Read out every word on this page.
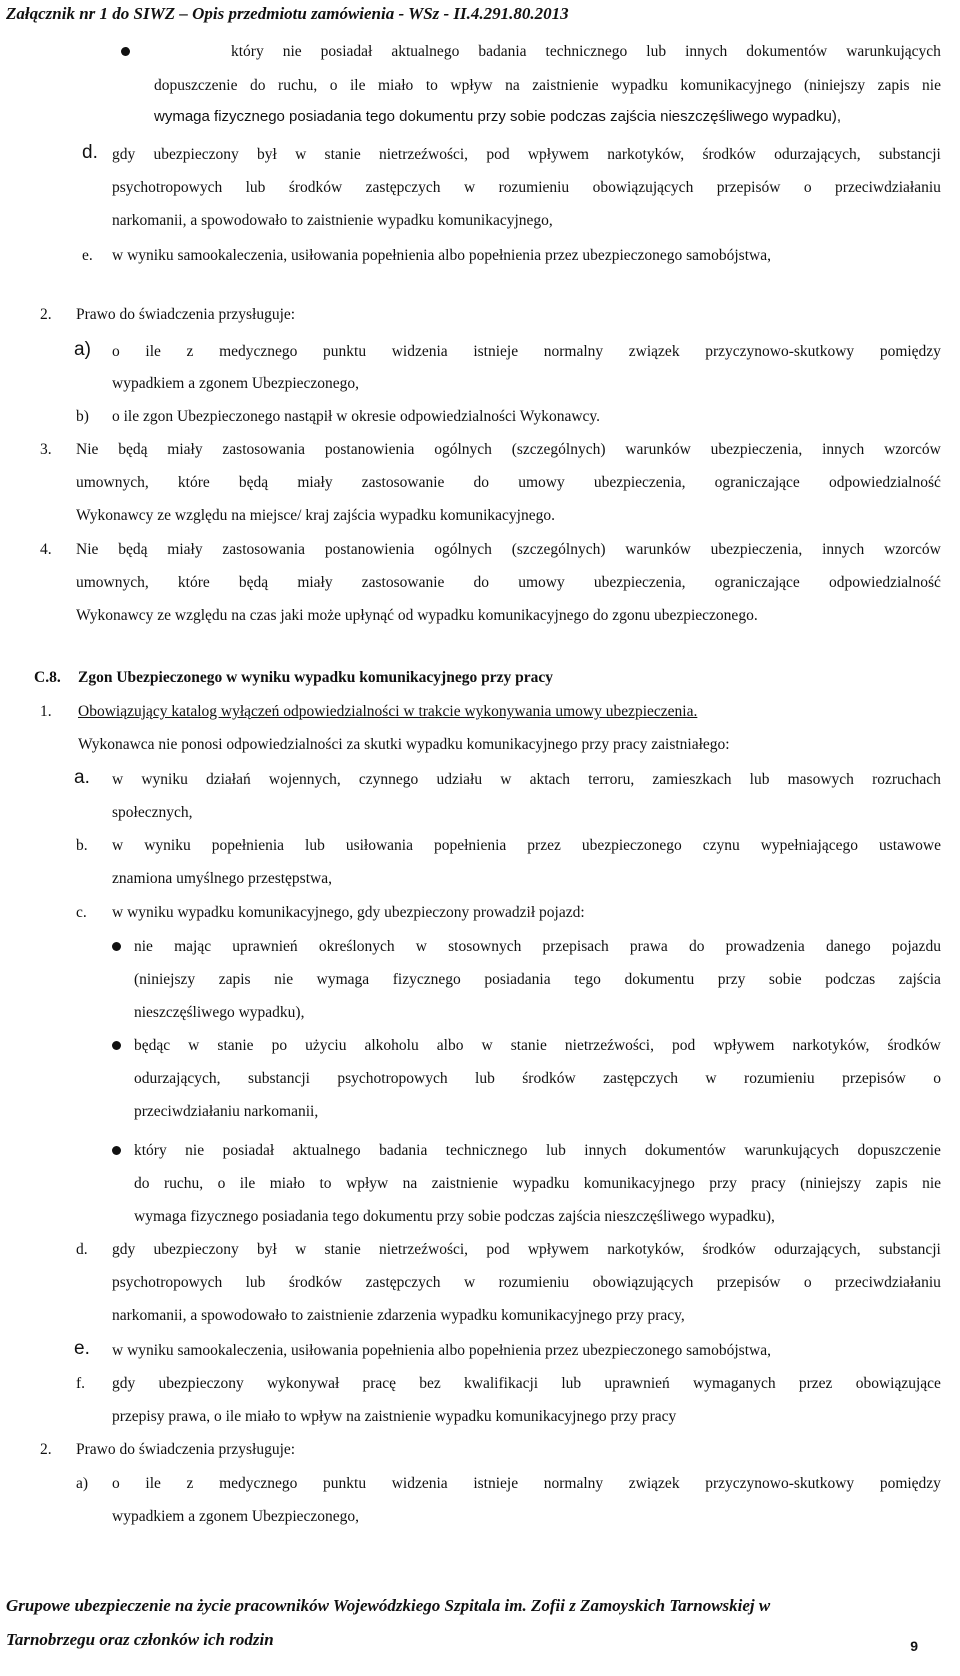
Załącznik nr 1 do SIWZ – Opis przedmiotu zamówienia - WSz - II.4.291.80.2013
który nie posiadał aktualnego badania technicznego lub innych dokumentów warunkujących
dopuszczenie do ruchu, o ile miało to wpływ na zaistnienie wypadku komunikacyjnego (niniejszy zapis nie
wymaga fizycznego posiadania tego dokumentu przy sobie podczas zajścia nieszczęśliwego wypadku),
d. gdy ubezpieczony był w stanie nietrzeźwości, pod wpływem narkotyków, środków odurzających, substancji
psychotropowych lub środków zastępczych w rozumieniu obowiązujących przepisów o przeciwdziałaniu
narkomanii, a spowodowało to zaistnienie wypadku komunikacyjnego,
e. w wyniku samookaleczenia, usiłowania popełnienia albo popełnienia przez ubezpieczonego samobójstwa,
2. Prawo do świadczenia przysługuje:
a) o ile z medycznego punktu widzenia istnieje normalny związek przyczynowo-skutkowy pomiędzy
wypadkiem a zgonem Ubezpieczonego,
b) o ile zgon Ubezpieczonego nastąpił w okresie odpowiedzialności Wykonawcy.
3. Nie będą miały zastosowania postanowienia ogólnych (szczególnych) warunków ubezpieczenia, innych wzorców
umownych, które będą miały zastosowanie do umowy ubezpieczenia, ograniczające odpowiedzialność
Wykonawcy ze względu na miejsce/ kraj zajścia wypadku komunikacyjnego.
4. Nie będą miały zastosowania postanowienia ogólnych (szczególnych) warunków ubezpieczenia, innych wzorców
umownych, które będą miały zastosowanie do umowy ubezpieczenia, ograniczające odpowiedzialność
Wykonawcy ze względu na czas jaki może upłynąć od wypadku komunikacyjnego do zgonu ubezpieczonego.
C.8. Zgon Ubezpieczonego w wyniku wypadku komunikacyjnego przy pracy
1. Obowiązujący katalog wyłączeń odpowiedzialności w trakcie wykonywania umowy ubezpieczenia.
Wykonawca nie ponosi odpowiedzialności za skutki wypadku komunikacyjnego przy pracy zaistniałego:
a. w wyniku działań wojennych, czynnego udziału w aktach terroru, zamieszkach lub masowych rozruchach
społecznych,
b. w wyniku popełnienia lub usiłowania popełnienia przez ubezpieczonego czynu wypełniającego ustawowe
znamiona umyślnego przestępstwa,
c. w wyniku wypadku komunikacyjnego, gdy ubezpieczony prowadził pojazd:
nie mając uprawnień określonych w stosownych przepisach prawa do prowadzenia danego pojazdu
(niniejszy zapis nie wymaga fizycznego posiadania tego dokumentu przy sobie podczas zajścia
nieszczęśliwego wypadku),
będąc w stanie po użyciu alkoholu albo w stanie nietrzeźwości, pod wpływem narkotyków, środków
odurzających, substancji psychotropowych lub środków zastępczych w rozumieniu przepisów o
przeciwdziałaniu narkomanii,
który nie posiadał aktualnego badania technicznego lub innych dokumentów warunkujących dopuszczenie
do ruchu, o ile miało to wpływ na zaistnienie wypadku komunikacyjnego przy pracy (niniejszy zapis nie
wymaga fizycznego posiadania tego dokumentu przy sobie podczas zajścia nieszczęśliwego wypadku),
d. gdy ubezpieczony był w stanie nietrzeźwości, pod wpływem narkotyków, środków odurzających, substancji
psychotropowych lub środków zastępczych w rozumieniu obowiązujących przepisów o przeciwdziałaniu
narkomanii, a spowodowało to zaistnienie zdarzenia wypadku komunikacyjnego przy pracy,
e. w wyniku samookaleczenia, usiłowania popełnienia albo popełnienia przez ubezpieczonego samobójstwa,
f. gdy ubezpieczony wykonywał pracę bez kwalifikacji lub uprawnień wymaganych przez obowiązujące
przepisy prawa, o ile miało to wpływ na zaistnienie wypadku komunikacyjnego przy pracy
2. Prawo do świadczenia przysługuje:
a) o ile z medycznego punktu widzenia istnieje normalny związek przyczynowo-skutkowy pomiędzy
wypadkiem a zgonem Ubezpieczonego,
Grupowe ubezpieczenie na życie pracowników Wojewódzkiego Szpitala im. Zofii z Zamoyskich Tarnowskiej w
Tarnobrzegu oraz członków ich rodzin	9
